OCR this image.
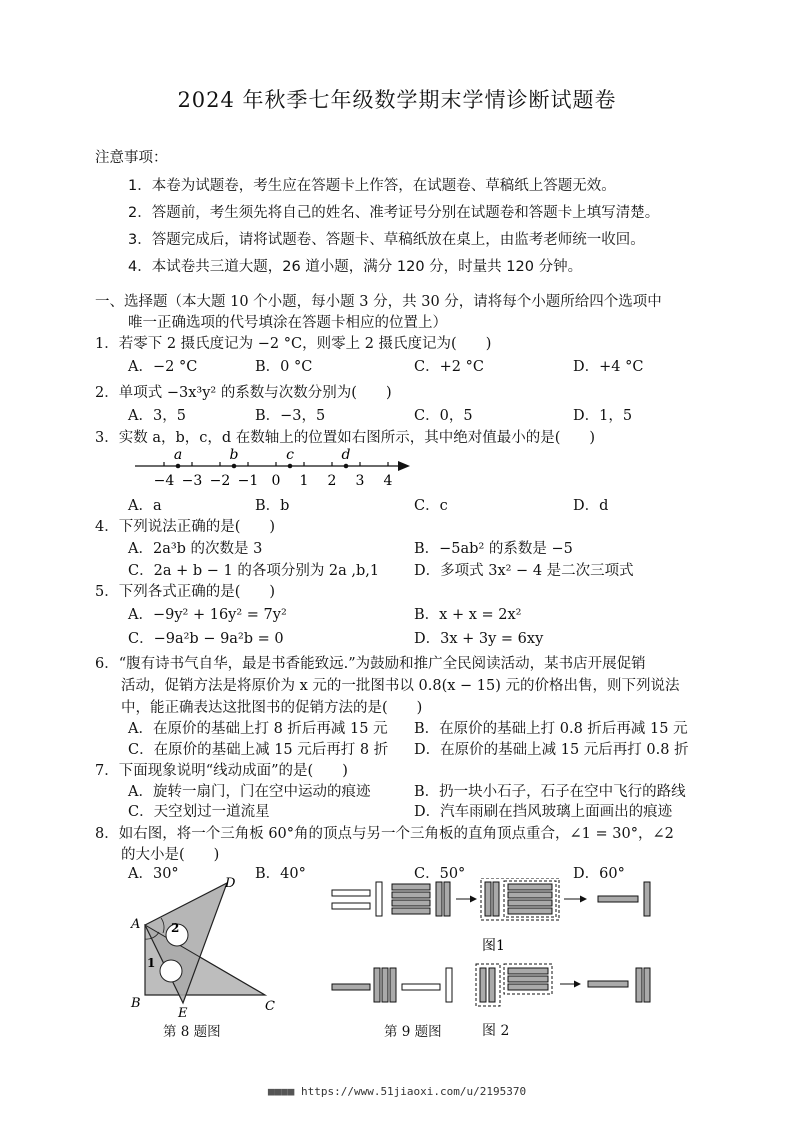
2024 年秋季七年级数学期末学情诊断试题卷
注意事项：
1．本卷为试题卷，考生应在答题卡上作答，在试题卷、草稿纸上答题无效。
2．答题前，考生须先将自己的姓名、准考证号分别在试题卷和答题卡上填写清楚。
3．答题完成后，请将试题卷、答题卡、草稿纸放在桌上，由监考老师统一收回。
4．本试卷共三道大题，26 道小题，满分 120 分，时量共 120 分钟。
一、选择题（本大题 10 个小题，每小题 3 分，共 30 分，请将每个小题所给四个选项中
唯一正确选项的代号填涂在答题卡相应的位置上）
1．若零下 2 摄氏度记为 −2 °C，则零上 2 摄氏度记为(　　)
A．−2 °C	B．0 °C	C．+2 °C	D．+4 °C
2．单项式 −3x³y² 的系数与次数分别为(　　)
A．3，5	B．−3，5	C．0，5	D．1，5
3．实数 a，b，c，d 在数轴上的位置如右图所示，其中绝对值最小的是(　　)
−4 −3 −2 −1 0 1 2 3 4
a	b	c	d
A．a	B．b	C．c	D．d
4．下列说法正确的是(　　)
A．2a³b 的次数是 3	B．−5ab² 的系数是 −5
C．2a + b − 1 的各项分别为 2a ,b,1 D．多项式 3x² − 4 是二次三项式
5．下列各式正确的是(　　)
A．−9y² + 16y² = 7y²	B．x + x = 2x²
C．−9a²b − 9a²b = 0	D．3x + 3y = 6xy
6．“腹有诗书气自华，最是书香能致远.”为鼓励和推广全民阅读活动，某书店开展促销
活动，促销方法是将原价为 x 元的一批图书以 0.8(x − 15) 元的价格出售，则下列说法
中，能正确表达这批图书的促销方法的是(　　)
A．在原价的基础上打 8 折后再减 15 元 B．在原价的基础上打 0.8 折后再减 15 元
C．在原价的基础上减 15 元后再打 8 折 D．在原价的基础上减 15 元后再打 0.8 折
7．下面现象说明“线动成面”的是(　　)
A．旋转一扇门，门在空中运动的痕迹	B．扔一块小石子，石子在空中飞行的路线
C．天空划过一道流星	D．汽车雨刷在挡风玻璃上面画出的痕迹
8．如右图，将一个三角板 60°角的顶点与另一个三角板的直角顶点重合，∠1 = 30°，∠2
的大小是(　　)
A．30°	B．40°	C．50°	D．60°
A
B	C
D
E
1
2
第 8 题图
图1
第 9 题图	图 2
■■■■ https://www.51jiaoxi.com/u/2195370
